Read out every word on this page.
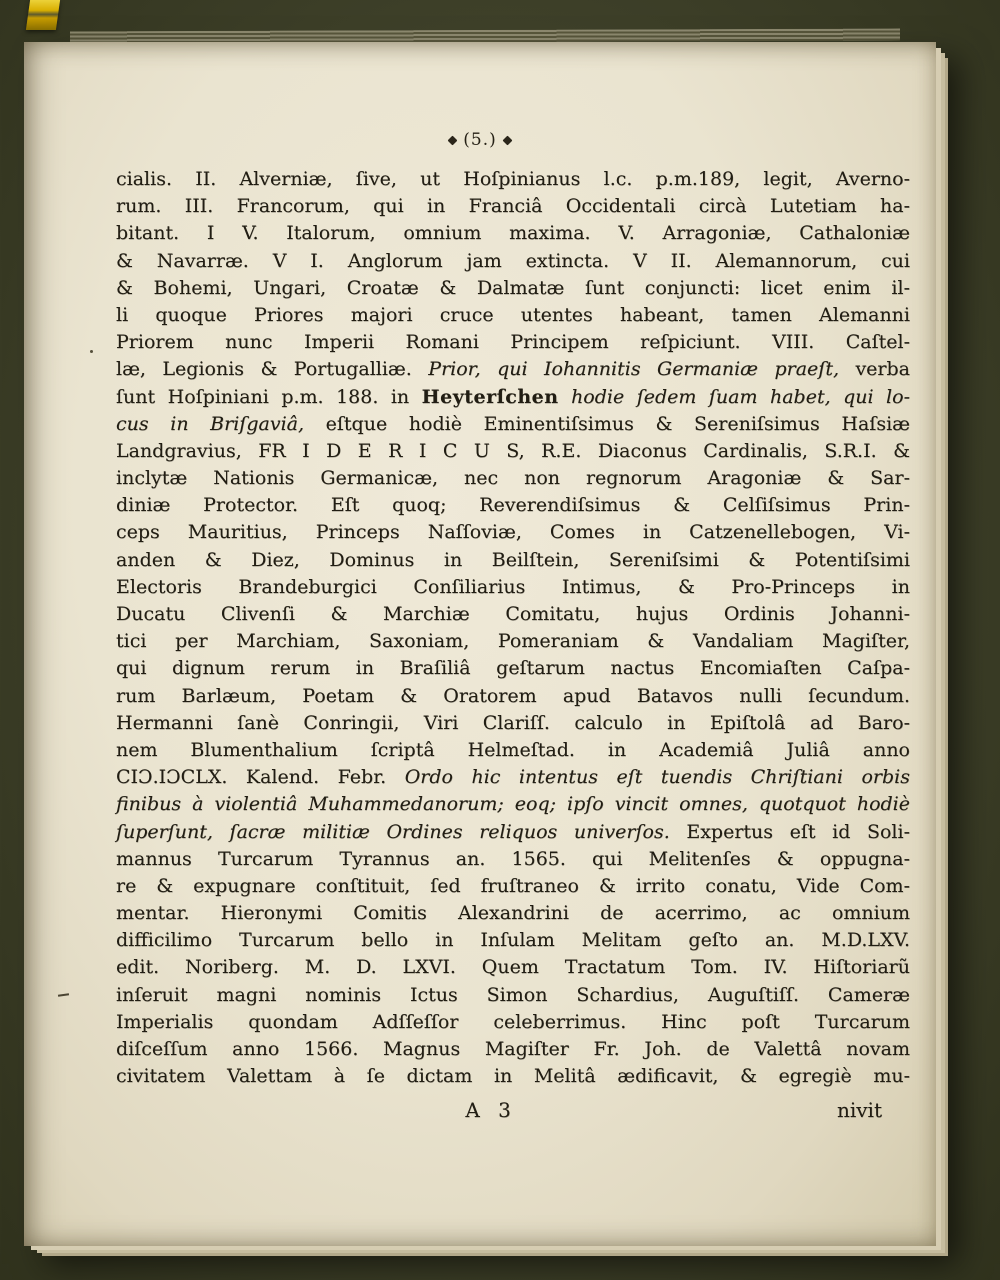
(5.)
cialis. II. Alverniæ, ſive, ut Hoſpinianus l.c. p.m.189, legit, Averno-
rum. III. Francorum, qui in Franciâ Occidentali circà Lutetiam ha-
bitant. I V. Italorum, omnium maxima. V. Arragoniæ, Cathaloniæ
& Navarræ. V I. Anglorum jam extincta. V II. Alemannorum, cui
& Bohemi, Ungari, Croatæ & Dalmatæ ſunt conjuncti: licet enim il-
li quoque Priores majori cruce utentes habeant, tamen Alemanni
Priorem nunc Imperii Romani Principem reſpiciunt. VIII. Caſtel-
læ, Legionis & Portugalliæ. Prior, qui Iohannitis Germaniæ praeſt, verba
ſunt Hoſpiniani p.m. 188. in Heyterſchen hodie ſedem ſuam habet, qui lo-
cus in Briſgaviâ, eſtque hodiè Eminentiſsimus & Sereniſsimus Haſsiæ
Landgravius, FR I D E R I C U S, R.E. Diaconus Cardinalis, S.R.I. &
inclytæ Nationis Germanicæ, nec non regnorum Aragoniæ & Sar-
diniæ Protector. Eſt quoq; Reverendiſsimus & Celſiſsimus Prin-
ceps Mauritius, Princeps Naſſoviæ, Comes in Catzenellebogen, Vi-
anden & Diez, Dominus in Beilſtein, Sereniſsimi & Potentiſsimi
Electoris Brandeburgici Conſiliarius Intimus, & Pro-Princeps in
Ducatu Clivenſi & Marchiæ Comitatu, hujus Ordinis Johanni-
tici per Marchiam, Saxoniam, Pomeraniam & Vandaliam Magiſter,
qui dignum rerum in Braſiliâ geſtarum nactus Encomiaſten Caſpa-
rum Barlæum, Poetam & Oratorem apud Batavos nulli ſecundum.
Hermanni ſanè Conringii, Viri Clariſſ. calculo in Epiſtolâ ad Baro-
nem Blumenthalium ſcriptâ Helmeſtad. in Academiâ Juliâ anno
CIƆ.IƆCLX. Kalend. Febr. Ordo hic intentus eſt tuendis Chriſtiani orbis
finibus à violentiâ Muhammedanorum; eoq; ipſo vincit omnes, quotquot hodiè
ſuperſunt, ſacræ militiæ Ordines reliquos univerſos. Expertus eſt id Soli-
mannus Turcarum Tyrannus an. 1565. qui Melitenſes & oppugna-
re & expugnare conſtituit, ſed fruſtraneo & irrito conatu, Vide Com-
mentar. Hieronymi Comitis Alexandrini de acerrimo, ac omnium
difficilimo Turcarum bello in Inſulam Melitam geſto an. M.D.LXV.
edit. Noriberg. M. D. LXVI. Quem Tractatum Tom. IV. Hiſtoriarũ
inſeruit magni nominis Ictus Simon Schardius, Auguſtiſſ. Cameræ
Imperialis quondam Adſſeſſor celeberrimus. Hinc poſt Turcarum
diſceſſum anno 1566. Magnus Magiſter Fr. Joh. de Valettâ novam
civitatem Valettam à ſe dictam in Melitâ ædificavit, & egregiè mu-
A 3	nivit
